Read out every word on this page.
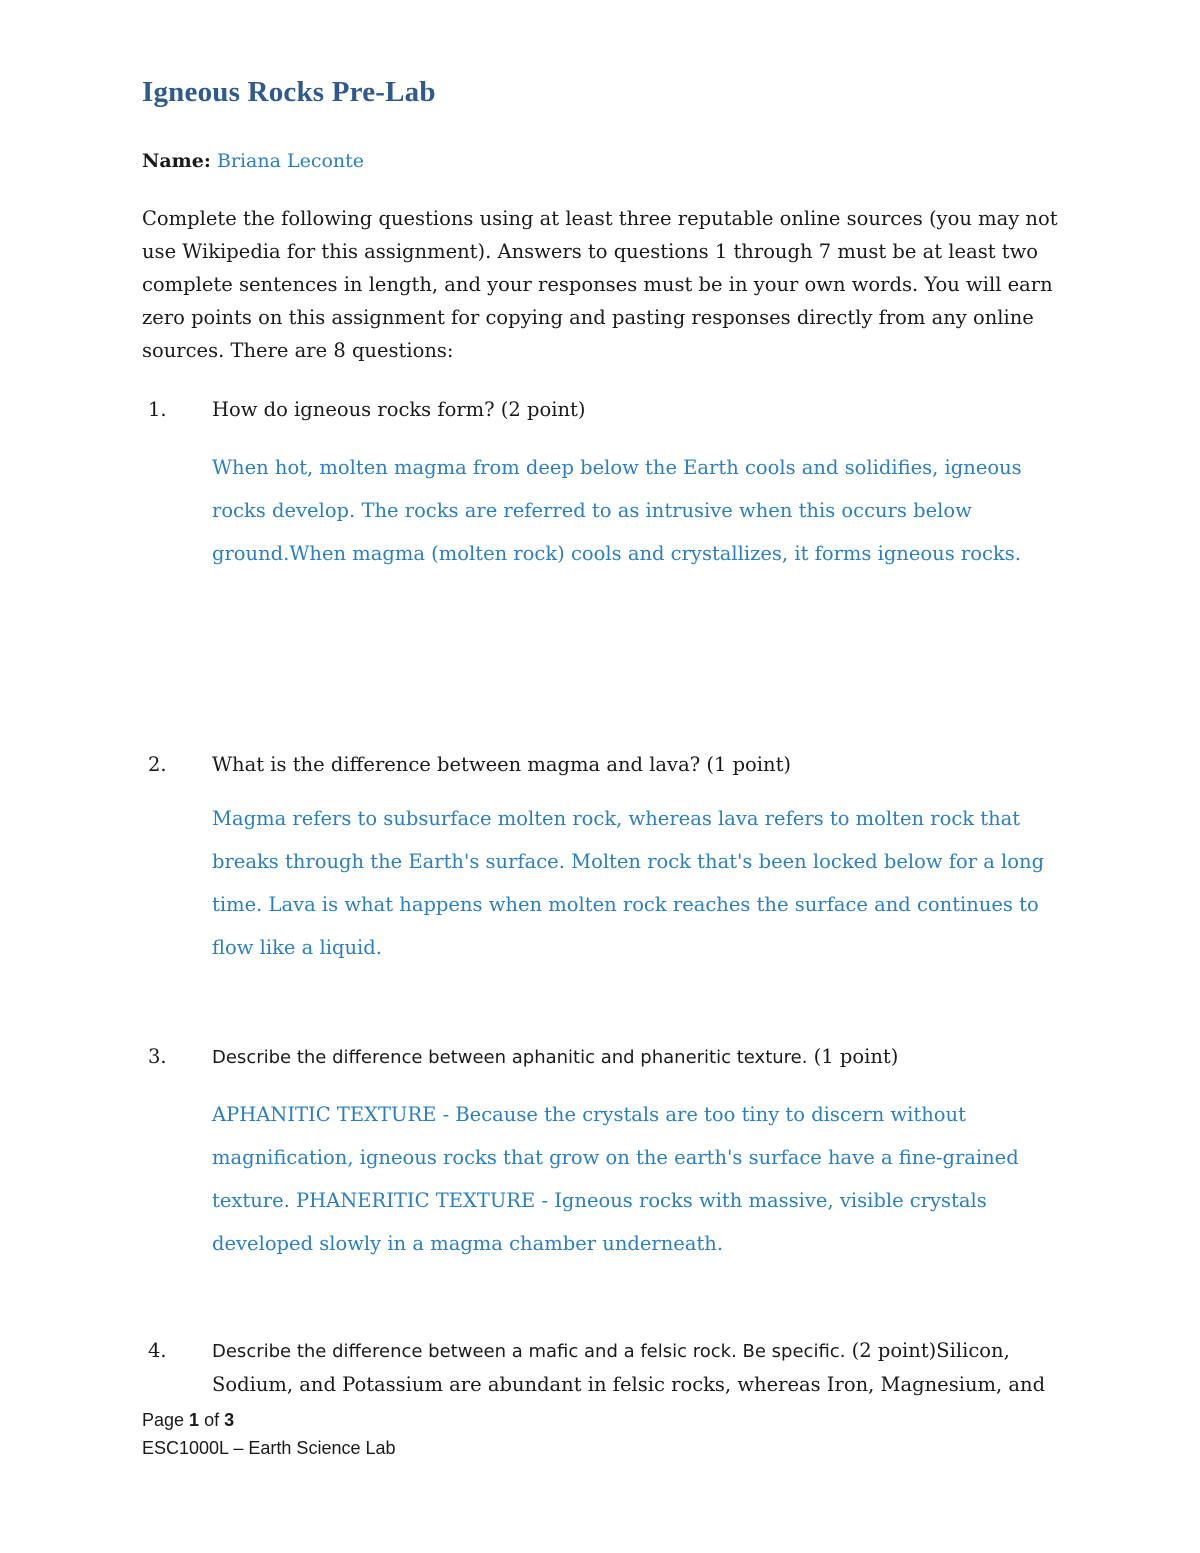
Igneous Rocks Pre-Lab
Name: Briana Leconte
Complete the following questions using at least three reputable online sources (you may not use Wikipedia for this assignment). Answers to questions 1 through 7 must be at least two complete sentences in length, and your responses must be in your own words. You will earn zero points on this assignment for copying and pasting responses directly from any online sources. There are 8 questions:
1. How do igneous rocks form? (2 point)
When hot, molten magma from deep below the Earth cools and solidifies, igneous rocks develop. The rocks are referred to as intrusive when this occurs below ground.When magma (molten rock) cools and crystallizes, it forms igneous rocks.
2. What is the difference between magma and lava? (1 point)
Magma refers to subsurface molten rock, whereas lava refers to molten rock that breaks through the Earth's surface. Molten rock that's been locked below for a long time. Lava is what happens when molten rock reaches the surface and continues to flow like a liquid.
3.	Describe the difference between aphanitic and phaneritic texture. (1 point)
APHANITIC TEXTURE - Because the crystals are too tiny to discern without magnification, igneous rocks that grow on the earth's surface have a fine-grained texture. PHANERITIC TEXTURE - Igneous rocks with massive, visible crystals developed slowly in a magma chamber underneath.
4.	Describe the difference between a mafic and a felsic rock. Be specific. (2 point)Silicon, Sodium, and Potassium are abundant in felsic rocks, whereas Iron, Magnesium, and
Page 1 of 3
ESC1000L – Earth Science Lab
